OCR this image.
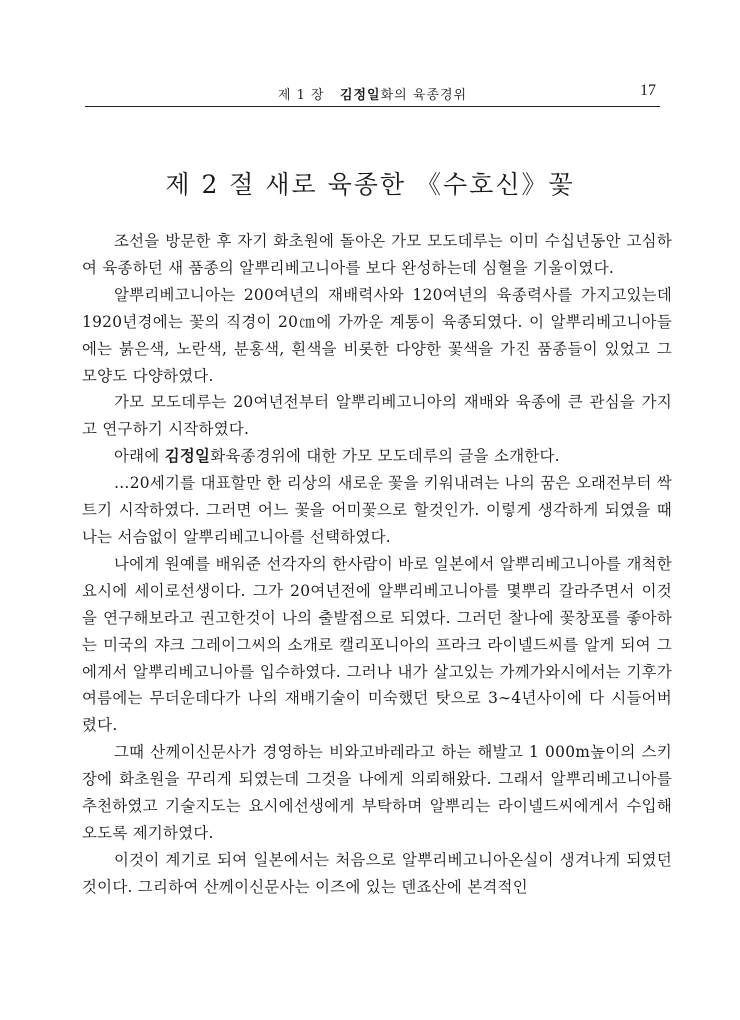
제 1 장 김정일화의 육종경위	17
제 2 절 새로 육종한 《수호신》꽃

조선을 방문한 후 자기 화초원에 돌아온 가모 모도데루는 이미 수십년동안 고심하여 육종하던 새 품종의 알뿌리베고니아를 보다 완성하는데 심혈을 기울이였다.

알뿌리베고니아는 200여년의 재배력사와 120여년의 육종력사를 가지고있는데 1920년경에는 꽃의 직경이 20㎝에 가까운 계통이 육종되였다. 이 알뿌리베고니아들에는 붉은색, 노란색, 분홍색, 흰색을 비롯한 다양한 꽃색을 가진 품종들이 있었고 그 모양도 다양하였다.

가모 모도데루는 20여년전부터 알뿌리베고니아의 재배와 육종에 큰 관심을 가지고 연구하기 시작하였다.

아래에 김정일화육종경위에 대한 가모 모도데루의 글을 소개한다.

…20세기를 대표할만 한 리상의 새로운 꽃을 키워내려는 나의 꿈은 오래전부터 싹트기 시작하였다. 그러면 어느 꽃을 어미꽃으로 할것인가. 이렇게 생각하게 되였을 때 나는 서슴없이 알뿌리베고니아를 선택하였다.

나에게 원예를 배워준 선각자의 한사람이 바로 일본에서 알뿌리베고니아를 개척한 요시에 세이로선생이다. 그가 20여년전에 알뿌리베고니아를 몇뿌리 갈라주면서 이것을 연구해보라고 권고한것이 나의 출발점으로 되였다. 그러던 찰나에 꽃창포를 좋아하는 미국의 쟈크 그레이그씨의 소개로 캘리포니아의 프라크 라이넬드씨를 알게 되여 그에게서 알뿌리베고니아를 입수하였다. 그러나 내가 살고있는 가께가와시에서는 기후가 여름에는 무더운데다가 나의 재배기술이 미숙했던 탓으로 3∼4년사이에 다 시들어버렸다.

그때 산께이신문사가 경영하는 비와고바레라고 하는 해발고 1 000m높이의 스키장에 화초원을 꾸리게 되였는데 그것을 나에게 의뢰해왔다. 그래서 알뿌리베고니아를 추천하였고 기술지도는 요시에선생에게 부탁하며 알뿌리는 라이넬드씨에게서 수입해오도록 제기하였다.

이것이 계기로 되여 일본에서는 처음으로 알뿌리베고니아온실이 생겨나게 되였던것이다. 그리하여 산께이신문사는 이즈에 있는 덴죠산에 본격적인
